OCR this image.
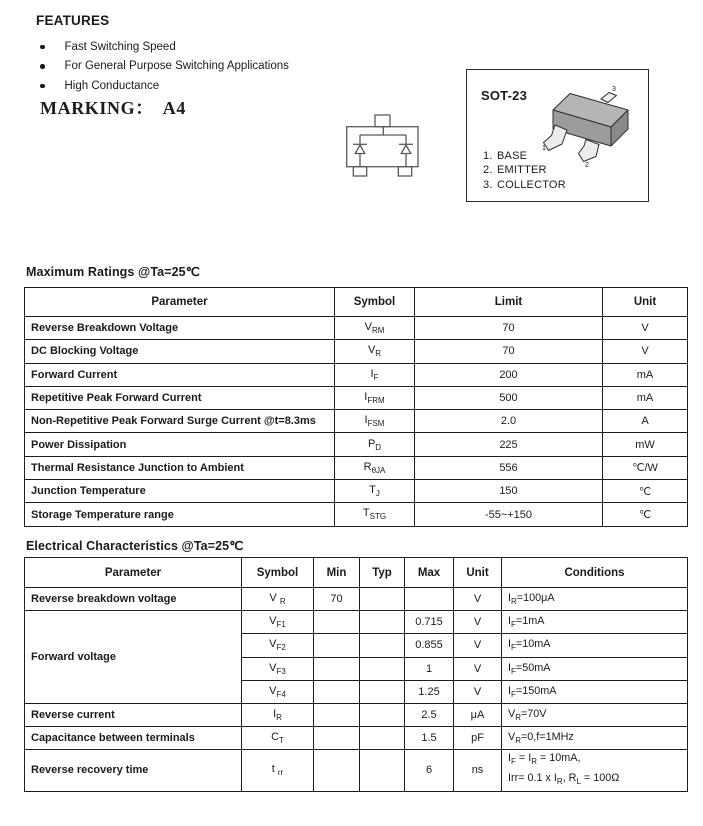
FEATURES
Fast Switching Speed
For General Purpose Switching Applications
High Conductance
MARKING： A4
1
2
3
SOT-23
1. BASE
2. EMITTER
3. COLLECTOR
Maximum Ratings @Ta=25℃
Parameter	Symbol	Limit	Unit
Reverse Breakdown Voltage	$V_{RM}$	70	V
DC Blocking Voltage	$V_R$	70	V
Forward Current	$I_F$	200	mA
Repetitive Peak Forward Current	$I_{FRM}$	500	mA
Non-Repetitive Peak Forward Surge Current @t=8.3ms	$I_{FSM}$	2.0	A
Power Dissipation	$P_D$	225	mW
Thermal Resistance Junction to Ambient	$R_{\theta JA}$	556	℃/W
Junction Temperature	$T_J$	150	℃
Storage Temperature range	$T_{STG}$	-55~+150	℃
Electrical Characteristics @Ta=25℃
Parameter	Symbol	Min	Typ	Max	Unit	Conditions
Reverse breakdown voltage	V $_R$	70			V	$I_R=100\mu A$
Forward voltage	$V_{F1}$			0.715	V	$I_F=1mA$
	$V_{F2}$			0.855	V	$I_F=10mA$
	$V_{F3}$			1	V	$I_F=50mA$
	$V_{F4}$			1.25	V	$I_F=150mA$
Reverse current	$I_R$			2.5	μA	$V_R=70V$
Capacitance between terminals	$C_T$			1.5	pF	$V_R=0,f=1MHz$
Reverse recovery time	t $_{rr}$			6	ns	$I_F = I_R = 10mA$,
Irr= 0.1 x $I_R$, $R_L = 100\Omega$
